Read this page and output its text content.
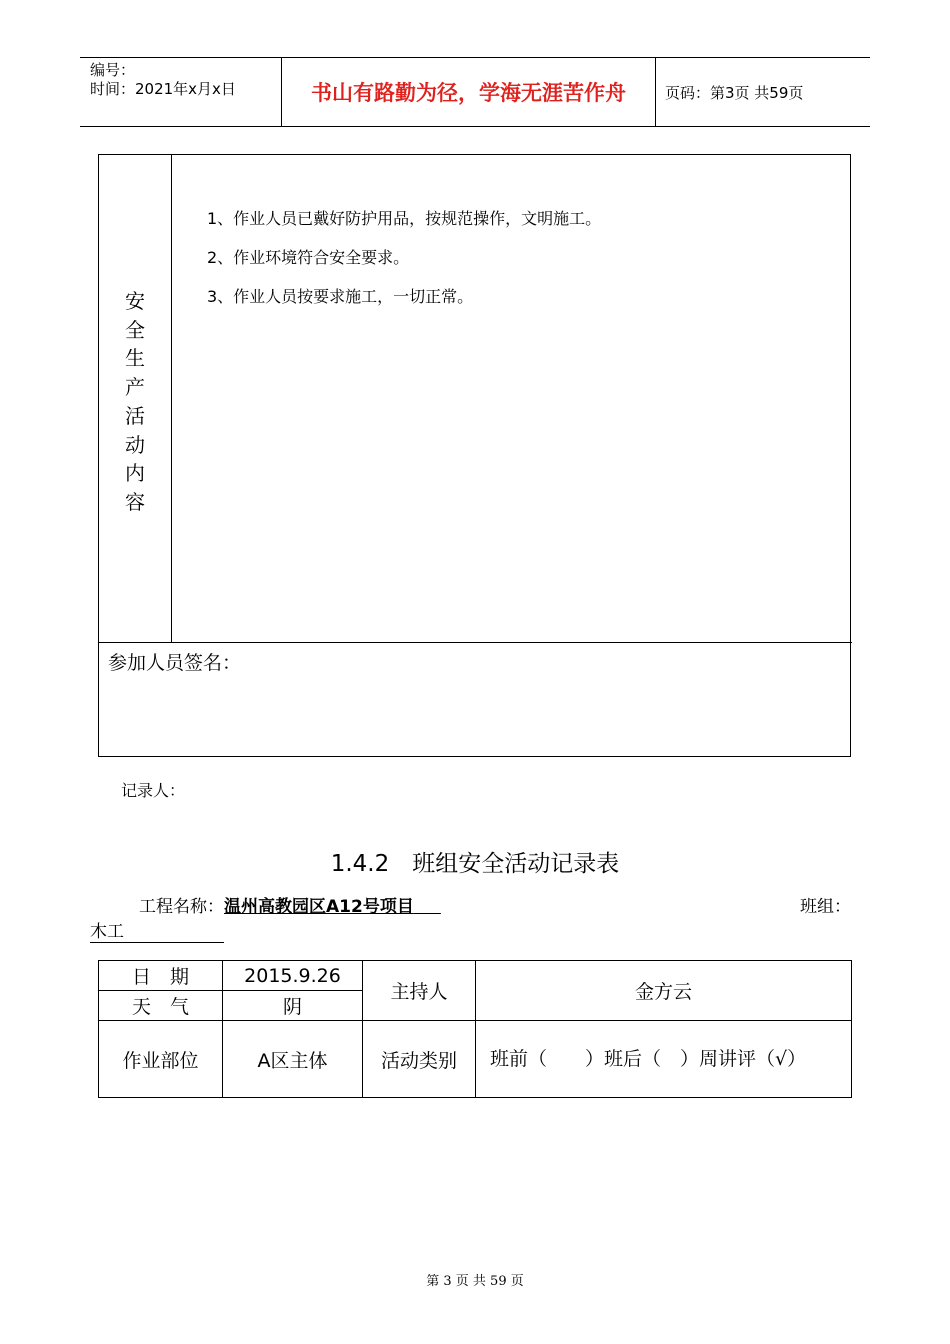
编号：
时间：2021年x月x日	书山有路勤为径，学海无涯苦作舟	页码：第3页 共59页
安
全
生
产
活
动
内
容
1、作业人员已戴好防护用品，按规范操作，文明施工。
2、作业环境符合安全要求。
3、作业人员按要求施工，一切正常。
参加人员签名：
记录人：
1.4.2　班组安全活动记录表
工程名称：温州高教园区A12号项目	班组：
木工
日　期	2015.9.26	主持人	金方云
天　气	阴		
作业部位	A区主体	活动类别	班前（　　）班后（　）周讲评（√）
第 3 页 共 59 页
